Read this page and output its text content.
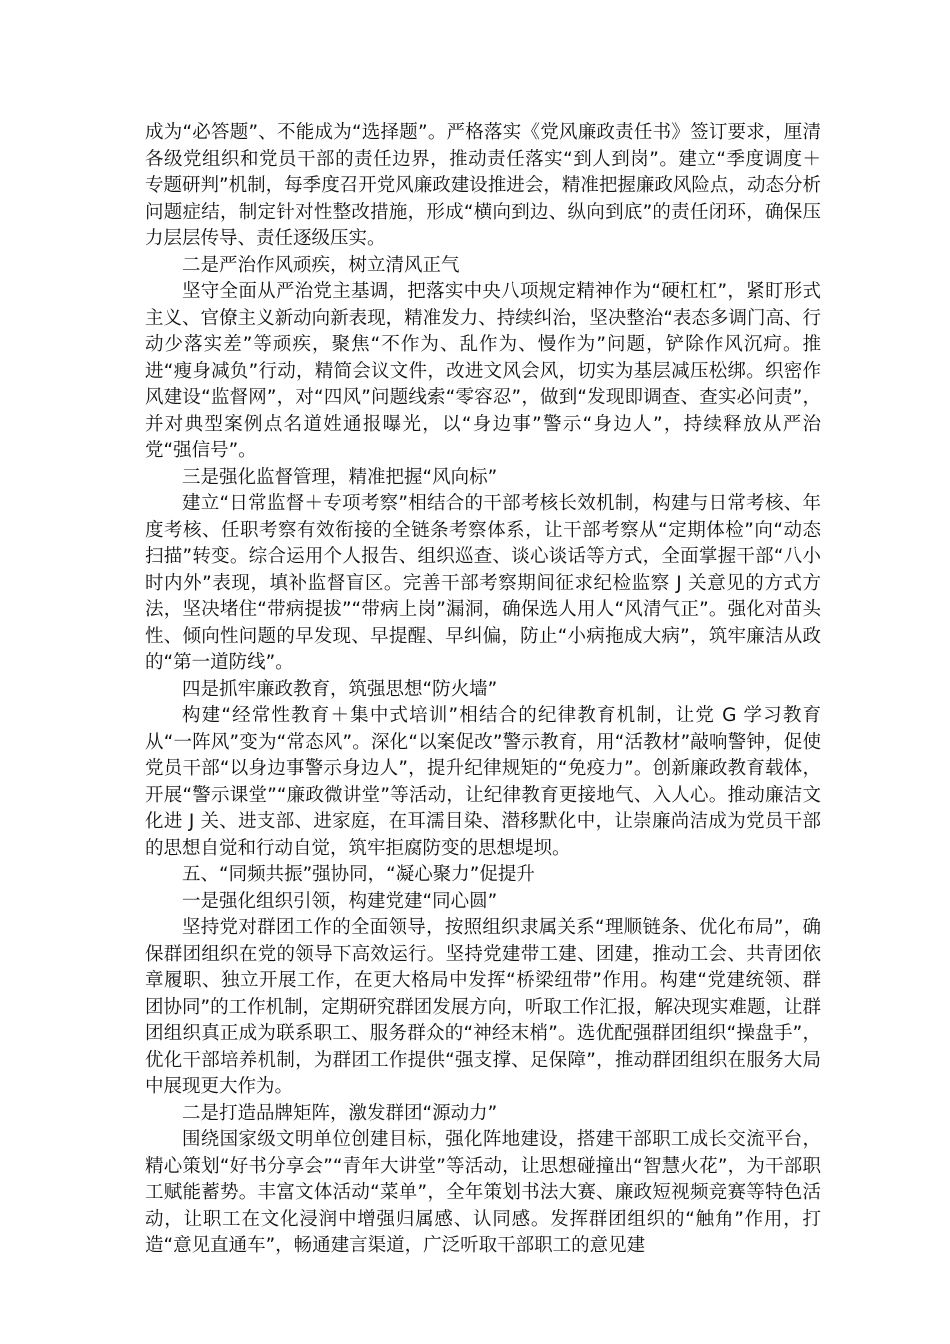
成为“必答题”、不能成为“选择题”。严格落实《党风廉政责任书》签订要求，厘清各级党组织和党员干部的责任边界，推动责任落实“到人到岗”。建立“季度调度＋专题研判”机制，每季度召开党风廉政建设推进会，精准把握廉政风险点，动态分析问题症结，制定针对性整改措施，形成“横向到边、纵向到底”的责任闭环，确保压力层层传导、责任逐级压实。

二是严治作风顽疾，树立清风正气

坚守全面从严治党主基调，把落实中央八项规定精神作为“硬杠杠”，紧盯形式主义、官僚主义新动向新表现，精准发力、持续纠治，坚决整治“表态多调门高、行动少落实差”等顽疾，聚焦“不作为、乱作为、慢作为”问题，铲除作风沉疴。推进“瘦身减负”行动，精简会议文件，改进文风会风，切实为基层减压松绑。织密作风建设“监督网”，对“四风”问题线索“零容忍”，做到“发现即调查、查实必问责”，并对典型案例点名道姓通报曝光，以“身边事”警示“身边人”，持续释放从严治党“强信号”。

三是强化监督管理，精准把握“风向标”

建立“日常监督＋专项考察”相结合的干部考核长效机制，构建与日常考核、年度考核、任职考察有效衔接的全链条考察体系，让干部考察从“定期体检”向“动态扫描”转变。综合运用个人报告、组织巡查、谈心谈话等方式，全面掌握干部“八小时内外”表现，填补监督盲区。完善干部考察期间征求纪检监察 J 关意见的方式方法，坚决堵住“带病提拔”“带病上岗”漏洞，确保选人用人“风清气正”。强化对苗头性、倾向性问题的早发现、早提醒、早纠偏，防止“小病拖成大病”，筑牢廉洁从政的“第一道防线”。

四是抓牢廉政教育，筑强思想“防火墙”

构建“经常性教育＋集中式培训”相结合的纪律教育机制，让党 G 学习教育从“一阵风”变为“常态风”。深化“以案促改”警示教育，用“活教材”敲响警钟，促使党员干部“以身边事警示身边人”，提升纪律规矩的“免疫力”。创新廉政教育载体，开展“警示课堂”“廉政微讲堂”等活动，让纪律教育更接地气、入人心。推动廉洁文化进 J 关、进支部、进家庭，在耳濡目染、潜移默化中，让崇廉尚洁成为党员干部的思想自觉和行动自觉，筑牢拒腐防变的思想堤坝。

五、“同频共振”强协同，“凝心聚力”促提升

一是强化组织引领，构建党建“同心圆”

坚持党对群团工作的全面领导，按照组织隶属关系“理顺链条、优化布局”，确保群团组织在党的领导下高效运行。坚持党建带工建、团建，推动工会、共青团依章履职、独立开展工作，在更大格局中发挥“桥梁纽带”作用。构建“党建统领、群团协同”的工作机制，定期研究群团发展方向，听取工作汇报，解决现实难题，让群团组织真正成为联系职工、服务群众的“神经末梢”。选优配强群团组织“操盘手”，优化干部培养机制，为群团工作提供“强支撑、足保障”，推动群团组织在服务大局中展现更大作为。

二是打造品牌矩阵，激发群团“源动力”

围绕国家级文明单位创建目标，强化阵地建设，搭建干部职工成长交流平台，精心策划“好书分享会”“青年大讲堂”等活动，让思想碰撞出“智慧火花”，为干部职工赋能蓄势。丰富文体活动“菜单”，全年策划书法大赛、廉政短视频竞赛等特色活动，让职工在文化浸润中增强归属感、认同感。发挥群团组织的“触角”作用，打造“意见直通车”，畅通建言渠道，广泛听取干部职工的意见建
